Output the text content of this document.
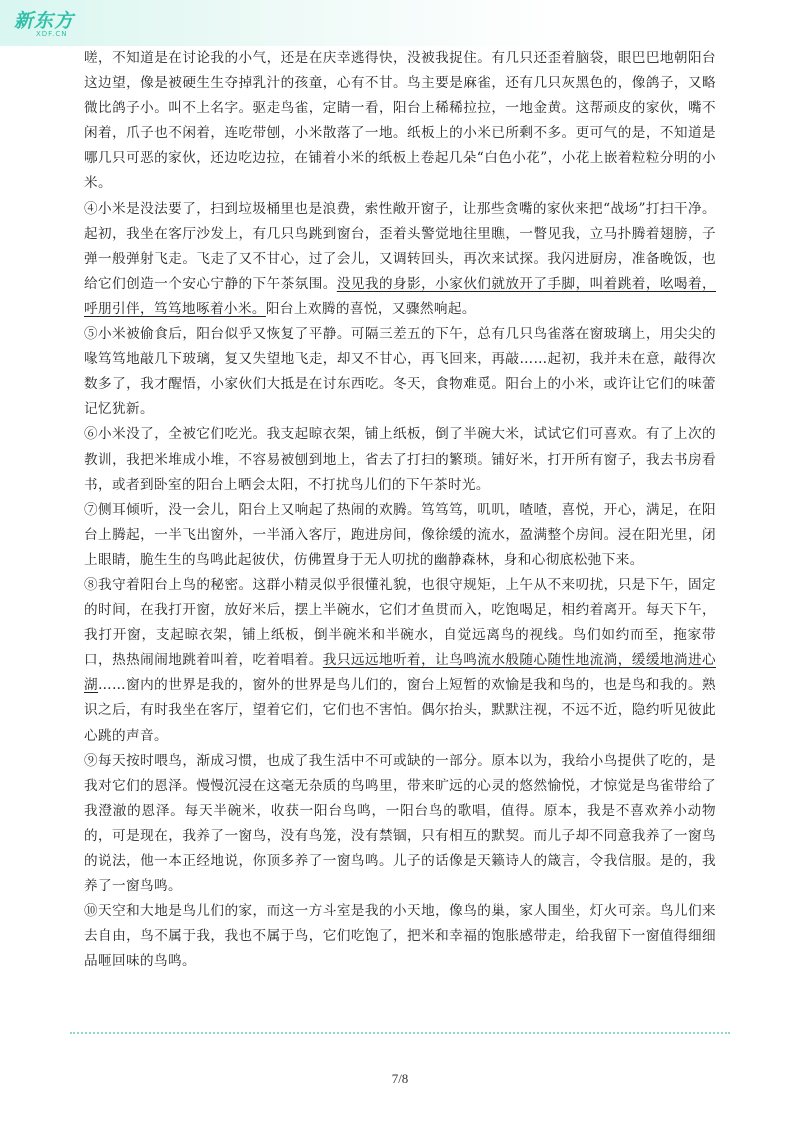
新东方
XDF.CN

嗟，不知道是在讨论我的小气，还是在庆幸逃得快，没被我捉住。有几只还歪着脑袋，眼巴巴地朝阳台这边望，像是被硬生生夺掉乳汁的孩童，心有不甘。鸟主要是麻雀，还有几只灰黑色的，像鸽子，又略微比鸽子小。叫不上名字。驱走鸟雀，定睛一看，阳台上稀稀拉拉，一地金黄。这帮顽皮的家伙，嘴不闲着，爪子也不闲着，连吃带刨，小米散落了一地。纸板上的小米已所剩不多。更可气的是，不知道是哪几只可恶的家伙，还边吃边拉，在铺着小米的纸板上卷起几朵“白色小花”，小花上嵌着粒粒分明的小米。

④小米是没法要了，扫到垃圾桶里也是浪费，索性敞开窗子，让那些贪嘴的家伙来把“战场”打扫干净。起初，我坐在客厅沙发上，有几只鸟跳到窗台，歪着头警觉地往里瞧，一瞥见我，立马扑腾着翅膀，子弹一般弹射飞走。飞走了又不甘心，过了会儿，又调转回头，再次来试探。我闪进厨房，准备晚饭，也给它们创造一个安心宁静的下午茶氛围。没见我的身影，小家伙们就放开了手脚，叫着跳着，吆喝着，呼朋引伴，笃笃地啄着小米。阳台上欢腾的喜悦，又骤然响起。

⑤小米被偷食后，阳台似乎又恢复了平静。可隔三差五的下午，总有几只鸟雀落在窗玻璃上，用尖尖的喙笃笃地敲几下玻璃，复又失望地飞走，却又不甘心，再飞回来，再敲……起初，我并未在意，敲得次数多了，我才醒悟，小家伙们大抵是在讨东西吃。冬天，食物难觅。阳台上的小米，或许让它们的味蕾记忆犹新。

⑥小米没了，全被它们吃光。我支起晾衣架，铺上纸板，倒了半碗大米，试试它们可喜欢。有了上次的教训，我把米堆成小堆，不容易被刨到地上，省去了打扫的繁琐。铺好米，打开所有窗子，我去书房看书，或者到卧室的阳台上晒会太阳，不打扰鸟儿们的下午茶时光。

⑦侧耳倾听，没一会儿，阳台上又响起了热闹的欢腾。笃笃笃，叽叽，喳喳，喜悦，开心，满足，在阳台上腾起，一半飞出窗外，一半涌入客厅，跑进房间，像徐缓的流水，盈满整个房间。浸在阳光里，闭上眼睛，脆生生的鸟鸣此起彼伏，仿佛置身于无人叨扰的幽静森林，身和心彻底松弛下来。

⑧我守着阳台上鸟的秘密。这群小精灵似乎很懂礼貌，也很守规矩，上午从不来叨扰，只是下午，固定的时间，在我打开窗，放好米后，摆上半碗水，它们才鱼贯而入，吃饱喝足，相约着离开。每天下午，我打开窗，支起晾衣架，铺上纸板，倒半碗米和半碗水，自觉远离鸟的视线。鸟们如约而至，拖家带口，热热闹闹地跳着叫着，吃着唱着。我只远远地听着，让鸟鸣流水般随心随性地流淌，缓缓地淌进心湖……窗内的世界是我的，窗外的世界是鸟儿们的，窗台上短暂的欢愉是我和鸟的，也是鸟和我的。熟识之后，有时我坐在客厅，望着它们，它们也不害怕。偶尔抬头，默默注视，不远不近，隐约听见彼此心跳的声音。

⑨每天按时喂鸟，渐成习惯，也成了我生活中不可或缺的一部分。原本以为，我给小鸟提供了吃的，是我对它们的恩泽。慢慢沉浸在这毫无杂质的鸟鸣里，带来旷远的心灵的悠然愉悦，才惊觉是鸟雀带给了我澄澈的恩泽。每天半碗米，收获一阳台鸟鸣，一阳台鸟的歌唱，值得。原本，我是不喜欢养小动物的，可是现在，我养了一窗鸟，没有鸟笼，没有禁锢，只有相互的默契。而儿子却不同意我养了一窗鸟的说法，他一本正经地说，你顶多养了一窗鸟鸣。儿子的话像是天籁诗人的箴言，令我信服。是的，我养了一窗鸟鸣。

⑩天空和大地是鸟儿们的家，而这一方斗室是我的小天地，像鸟的巢，家人围坐，灯火可亲。鸟儿们来去自由，鸟不属于我，我也不属于鸟，它们吃饱了，把米和幸福的饱胀感带走，给我留下一窗值得细细品咂回味的鸟鸣。

7/8
